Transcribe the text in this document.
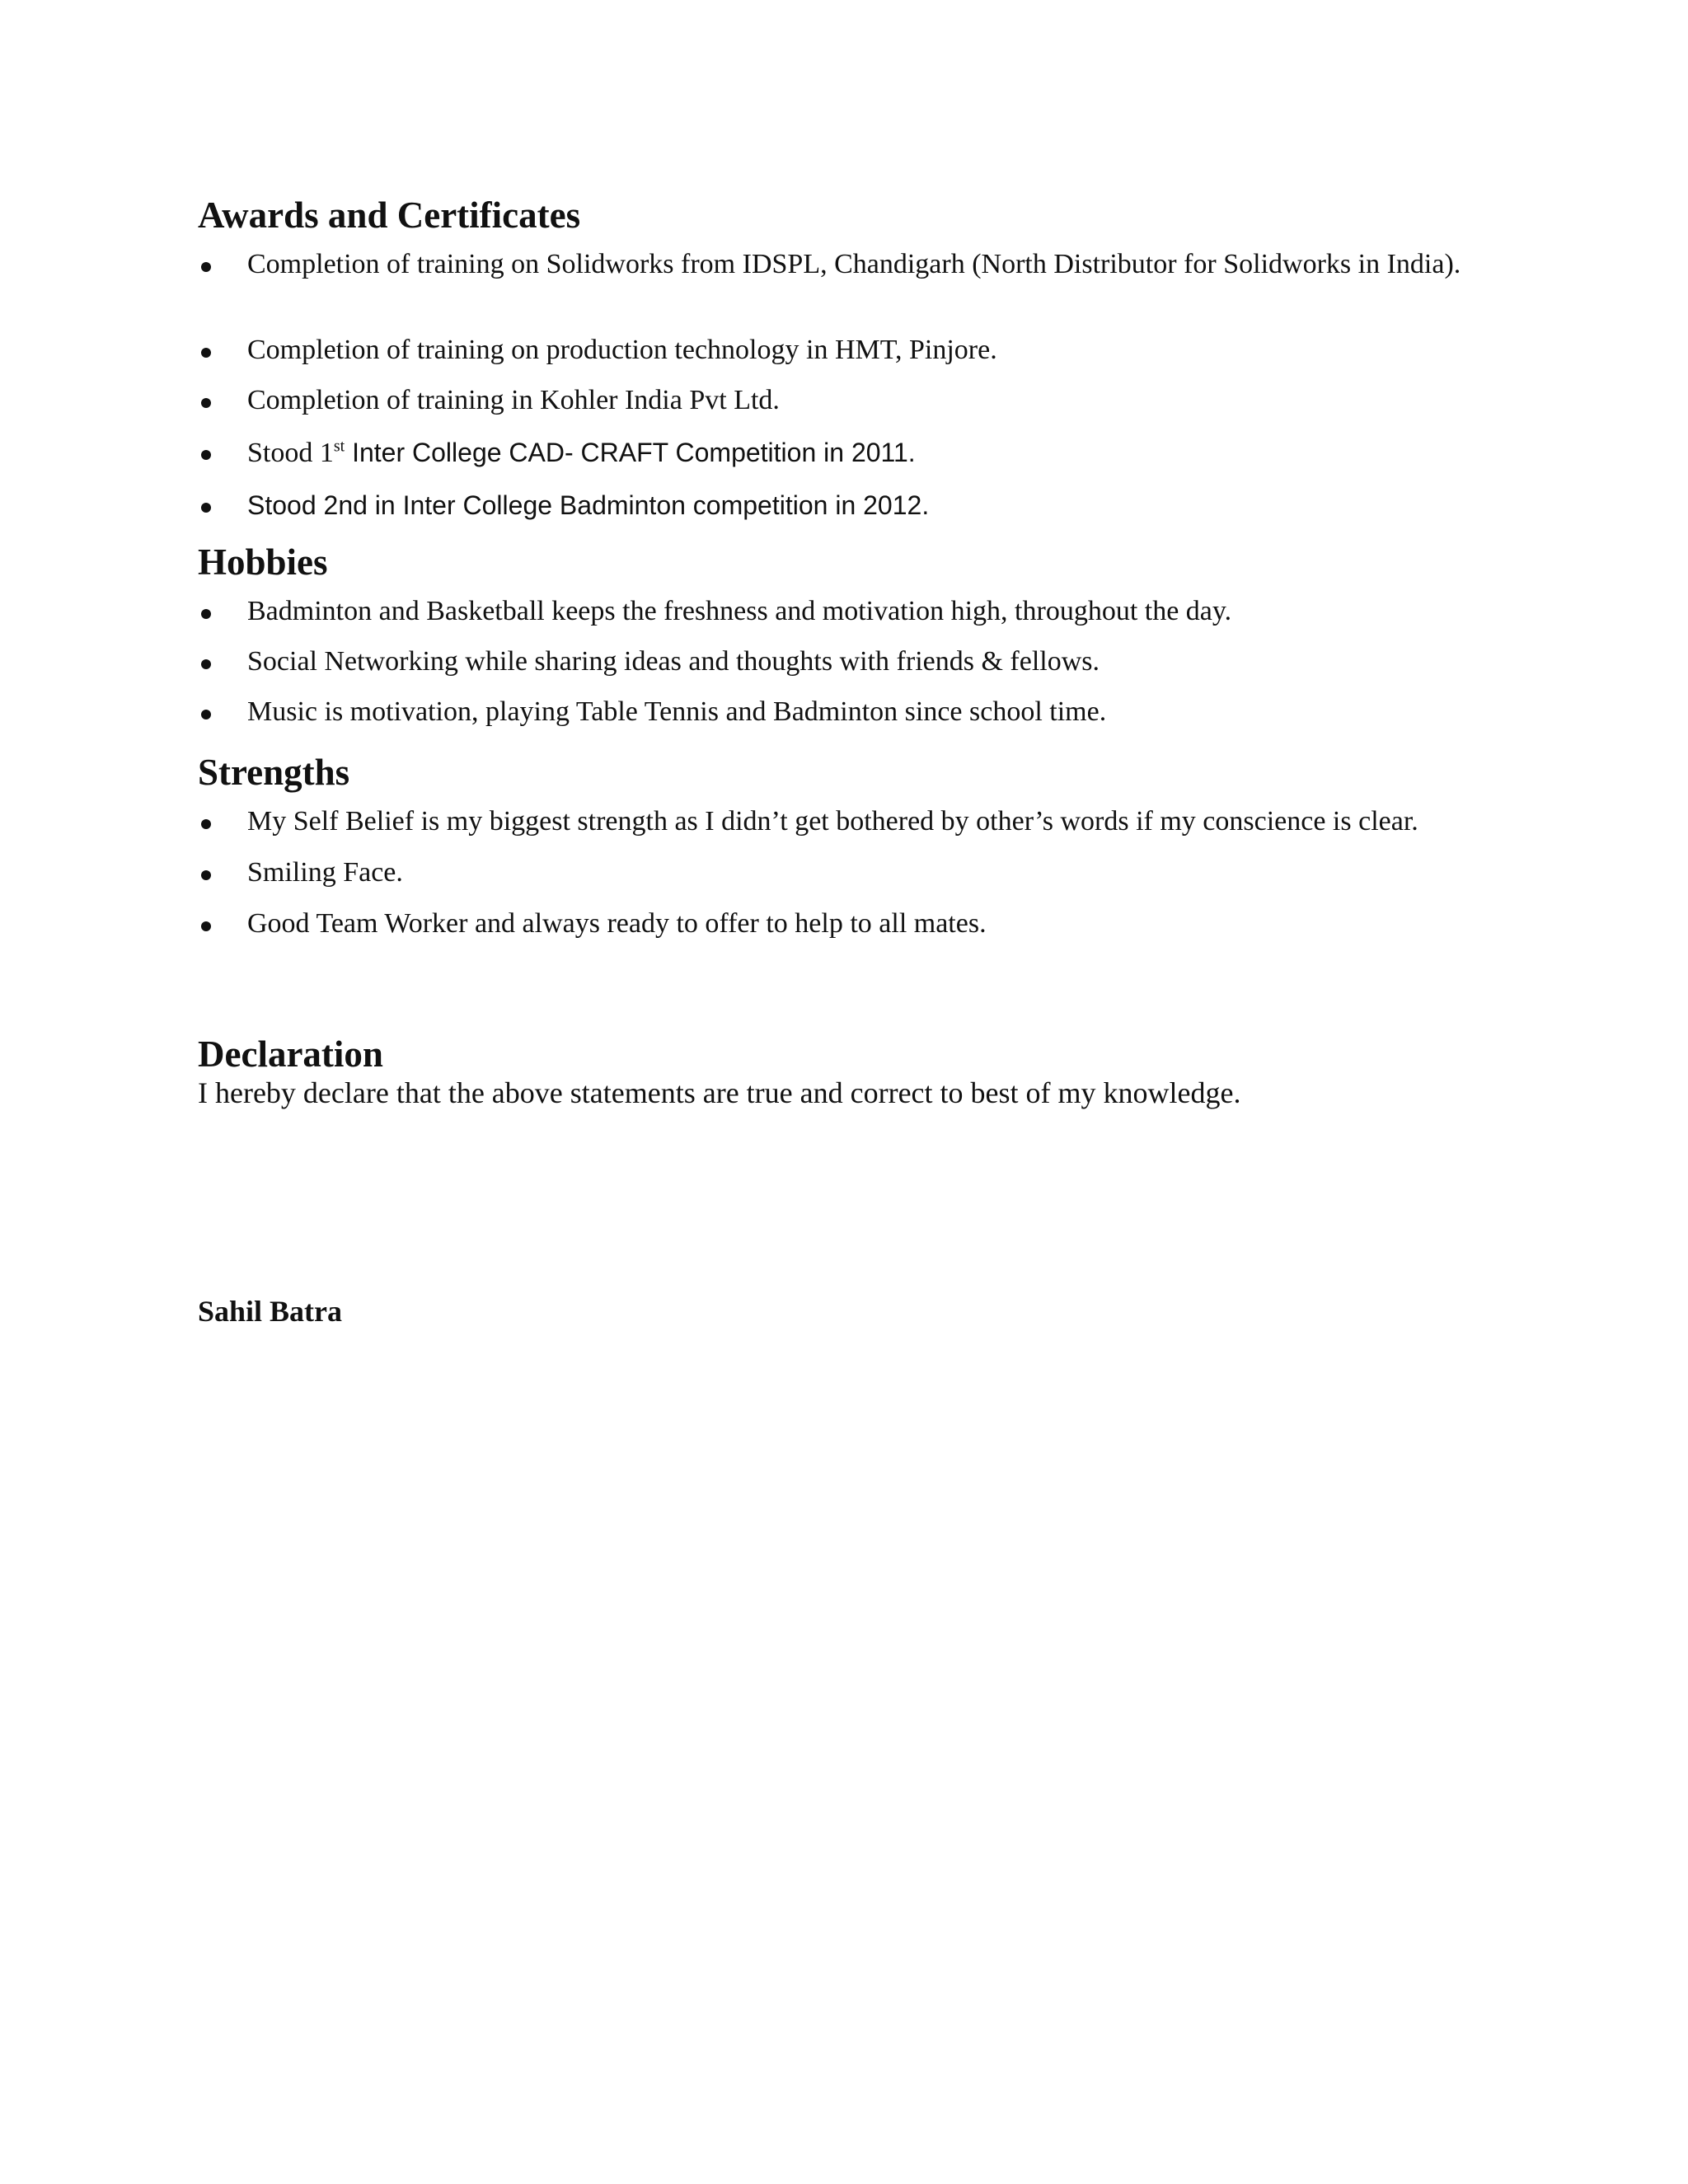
Awards and Certificates
Completion of training on Solidworks from IDSPL, Chandigarh (North Distributor for Solidworks in India).
Completion of training on production technology in HMT, Pinjore.
Completion of training in Kohler India Pvt Ltd.
Stood 1st Inter College CAD- CRAFT Competition in 2011.
Stood 2nd in Inter College Badminton competition in 2012.
Hobbies
Badminton and Basketball keeps the freshness and motivation high, throughout the day.
Social Networking while sharing ideas and thoughts with friends & fellows.
Music is motivation, playing Table Tennis and Badminton since school time.
Strengths
My Self Belief is my biggest strength as I didn’t get bothered by other’s words if my conscience is clear.
Smiling Face.
Good Team Worker and always ready to offer to help to all mates.
Declaration

I hereby declare that the above statements are true and correct to best of my knowledge.

Sahil Batra
